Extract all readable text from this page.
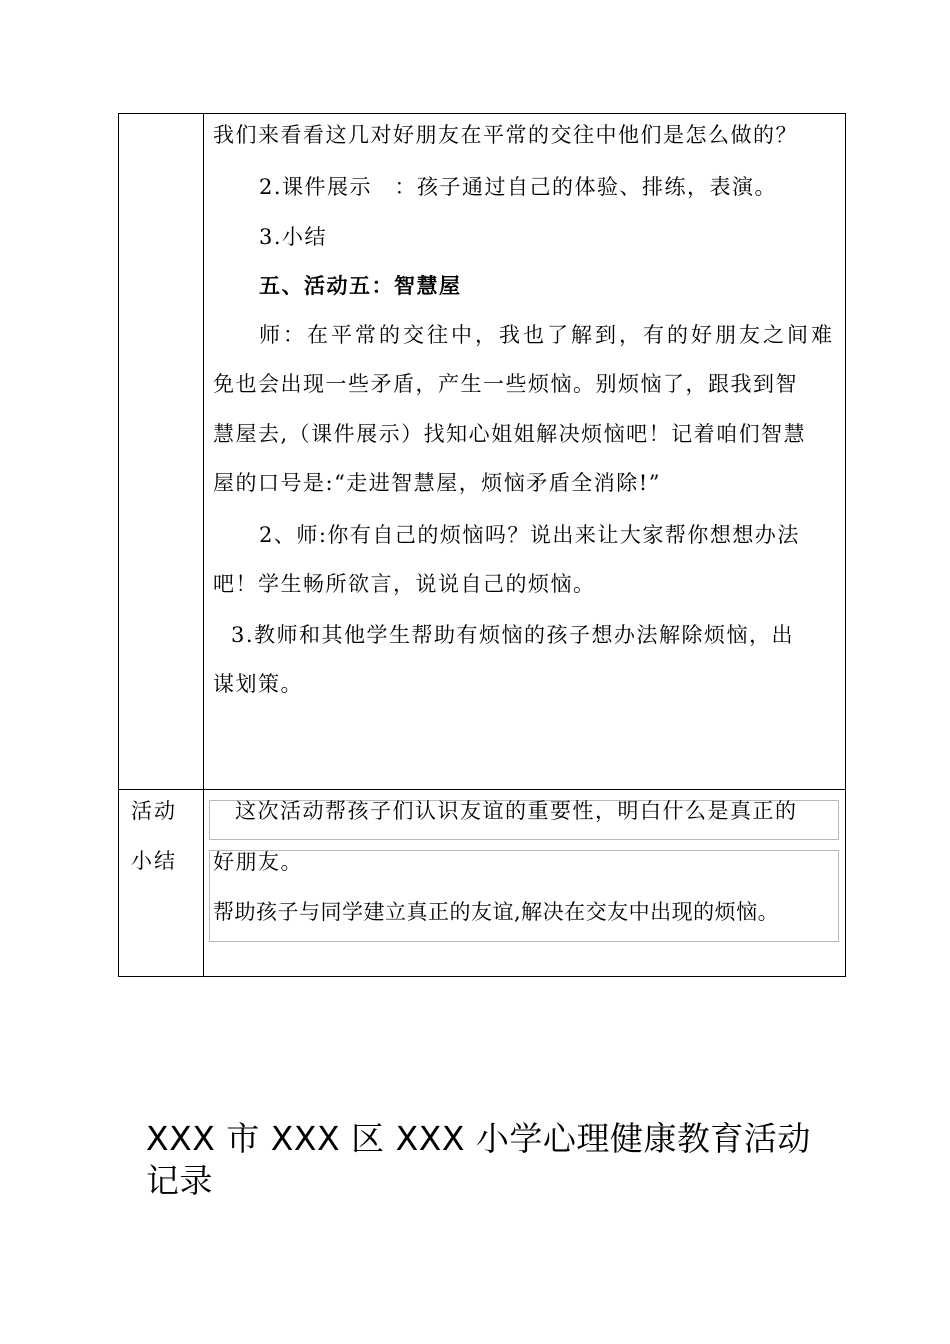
我们来看看这几对好朋友在平常的交往中他们是怎么做的？
2.课件展示　：孩子通过自己的体验、排练，表演。
3.小结
五、活动五：智慧屋
师：在平常的交往中，我也了解到，有的好朋友之间难
免也会出现一些矛盾，产生一些烦恼。别烦恼了，跟我到智
慧屋去,（课件展示）找知心姐姐解决烦恼吧！记着咱们智慧
屋的口号是:“走进智慧屋，烦恼矛盾全消除!”
2、师:你有自己的烦恼吗？说出来让大家帮你想想办法
吧！学生畅所欲言，说说自己的烦恼。
3.教师和其他学生帮助有烦恼的孩子想办法解除烦恼，出
谋划策。
活动
小结
这次活动帮孩子们认识友谊的重要性，明白什么是真正的
好朋友。
帮助孩子与同学建立真正的友谊,解决在交友中出现的烦恼。
XXX 市 XXX 区 XXX 小学心理健康教育活动记录
